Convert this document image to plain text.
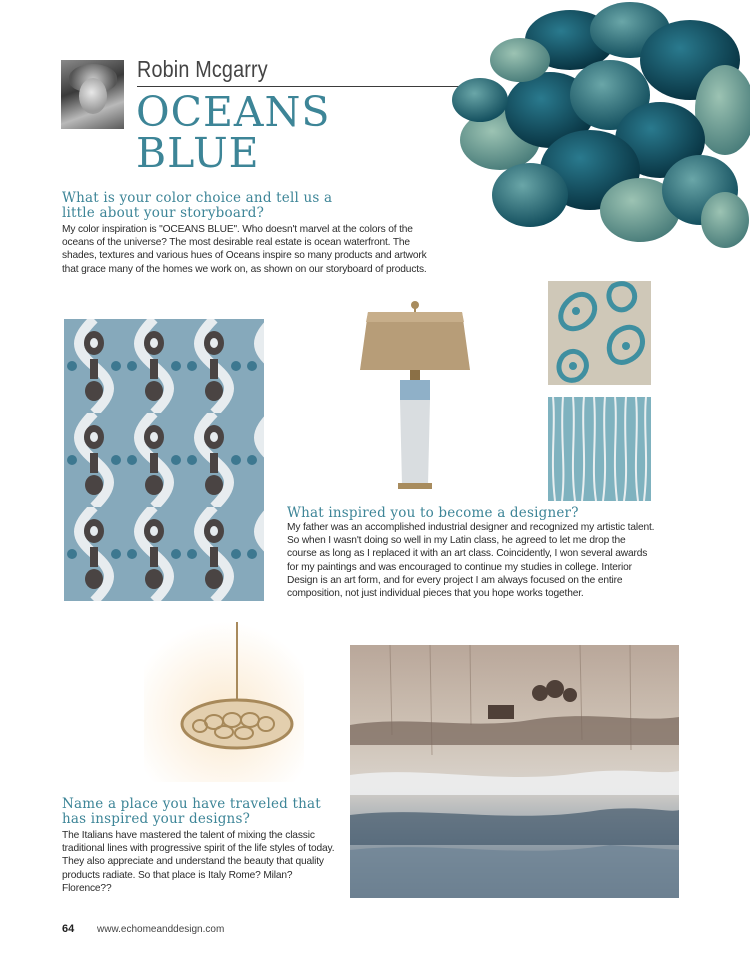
Robin Mcgarry
OCEANS
BLUE
What is your color choice and tell us a little about your storyboard?
My color inspiration is "OCEANS BLUE". Who doesn't marvel at the colors of the oceans of the universe? The most desirable real estate is ocean waterfront. The shades, textures and various hues of Oceans inspire so many products and artwork that grace many of the homes we work on, as shown on our storyboard of products.
What inspired you to become a designer?
My father was an accomplished industrial designer and recognized my artistic talent. So when I wasn't doing so well in my Latin class, he agreed to let me drop the course as long as I replaced it with an art class. Coincidently, I won several awards for my paintings and was encouraged to continue my studies in college. Interior Design is an art form, and for every project I am always focused on the entire composition, not just individual pieces that you hope works together.
Name a place you have traveled that has inspired your designs?
The Italians have mastered the talent of mixing the classic traditional lines with progressive spirit of the life styles of today. They also appreciate and understand the beauty that quality products radiate. So that place is Italy Rome? Milan? Florence??
64 www.echomeanddesign.com
